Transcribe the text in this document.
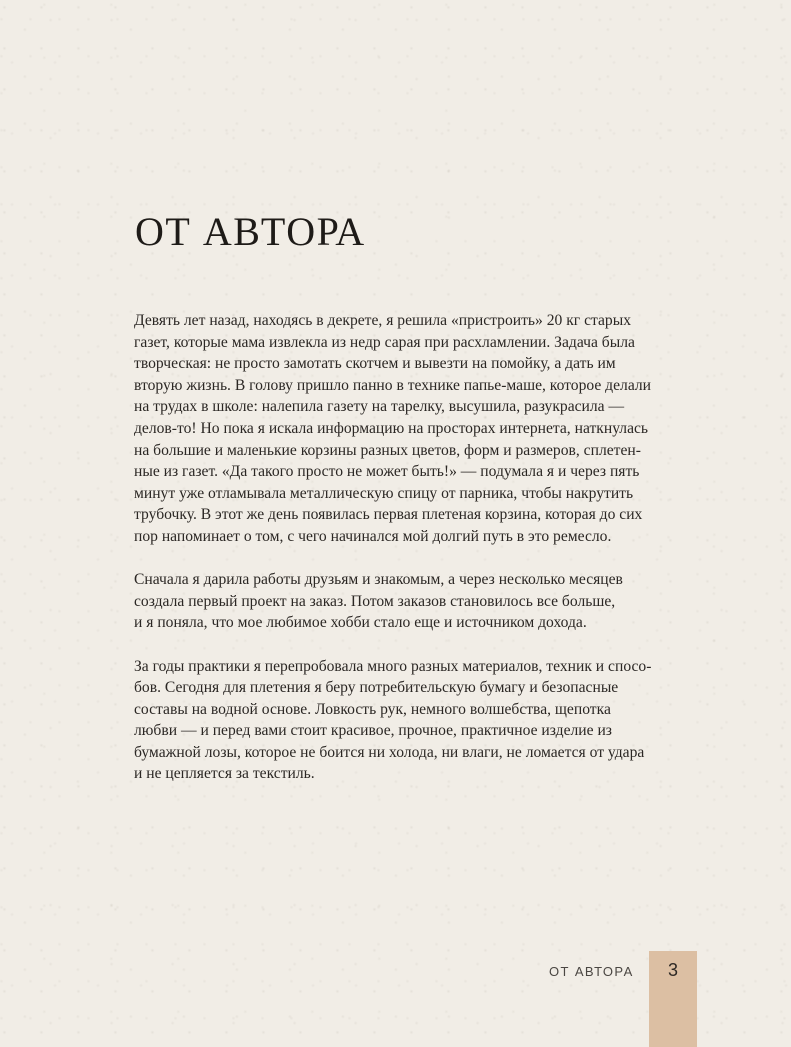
ОТ АВТОРА

Девять лет назад, находясь в декрете, я решила «пристроить» 20 кг старых
газет, которые мама извлекла из недр сарая при расхламлении. Задача была
творческая: не просто замотать скотчем и вывезти на помойку, а дать им
вторую жизнь. В голову пришло панно в технике папье-маше, которое делали
на трудах в школе: налепила газету на тарелку, высушила, разукрасила —
делов-то! Но пока я искала информацию на просторах интернета, наткнулась
на большие и маленькие корзины разных цветов, форм и размеров, сплетен-
ные из газет. «Да такого просто не может быть!» — подумала я и через пять
минут уже отламывала металлическую спицу от парника, чтобы накрутить
трубочку. В этот же день появилась первая плетеная корзина, которая до сих
пор напоминает о том, с чего начинался мой долгий путь в это ремесло.

Сначала я дарила работы друзьям и знакомым, а через несколько месяцев
создала первый проект на заказ. Потом заказов становилось все больше,
и я поняла, что мое любимое хобби стало еще и источником дохода.

За годы практики я перепробовала много разных материалов, техник и спосо-
бов. Сегодня для плетения я беру потребительскую бумагу и безопасные
составы на водной основе. Ловкость рук, немного волшебства, щепотка
любви — и перед вами стоит красивое, прочное, практичное изделие из
бумажной лозы, которое не боится ни холода, ни влаги, не ломается от удара
и не цепляется за текстиль.

ОТ АВТОРА	3
